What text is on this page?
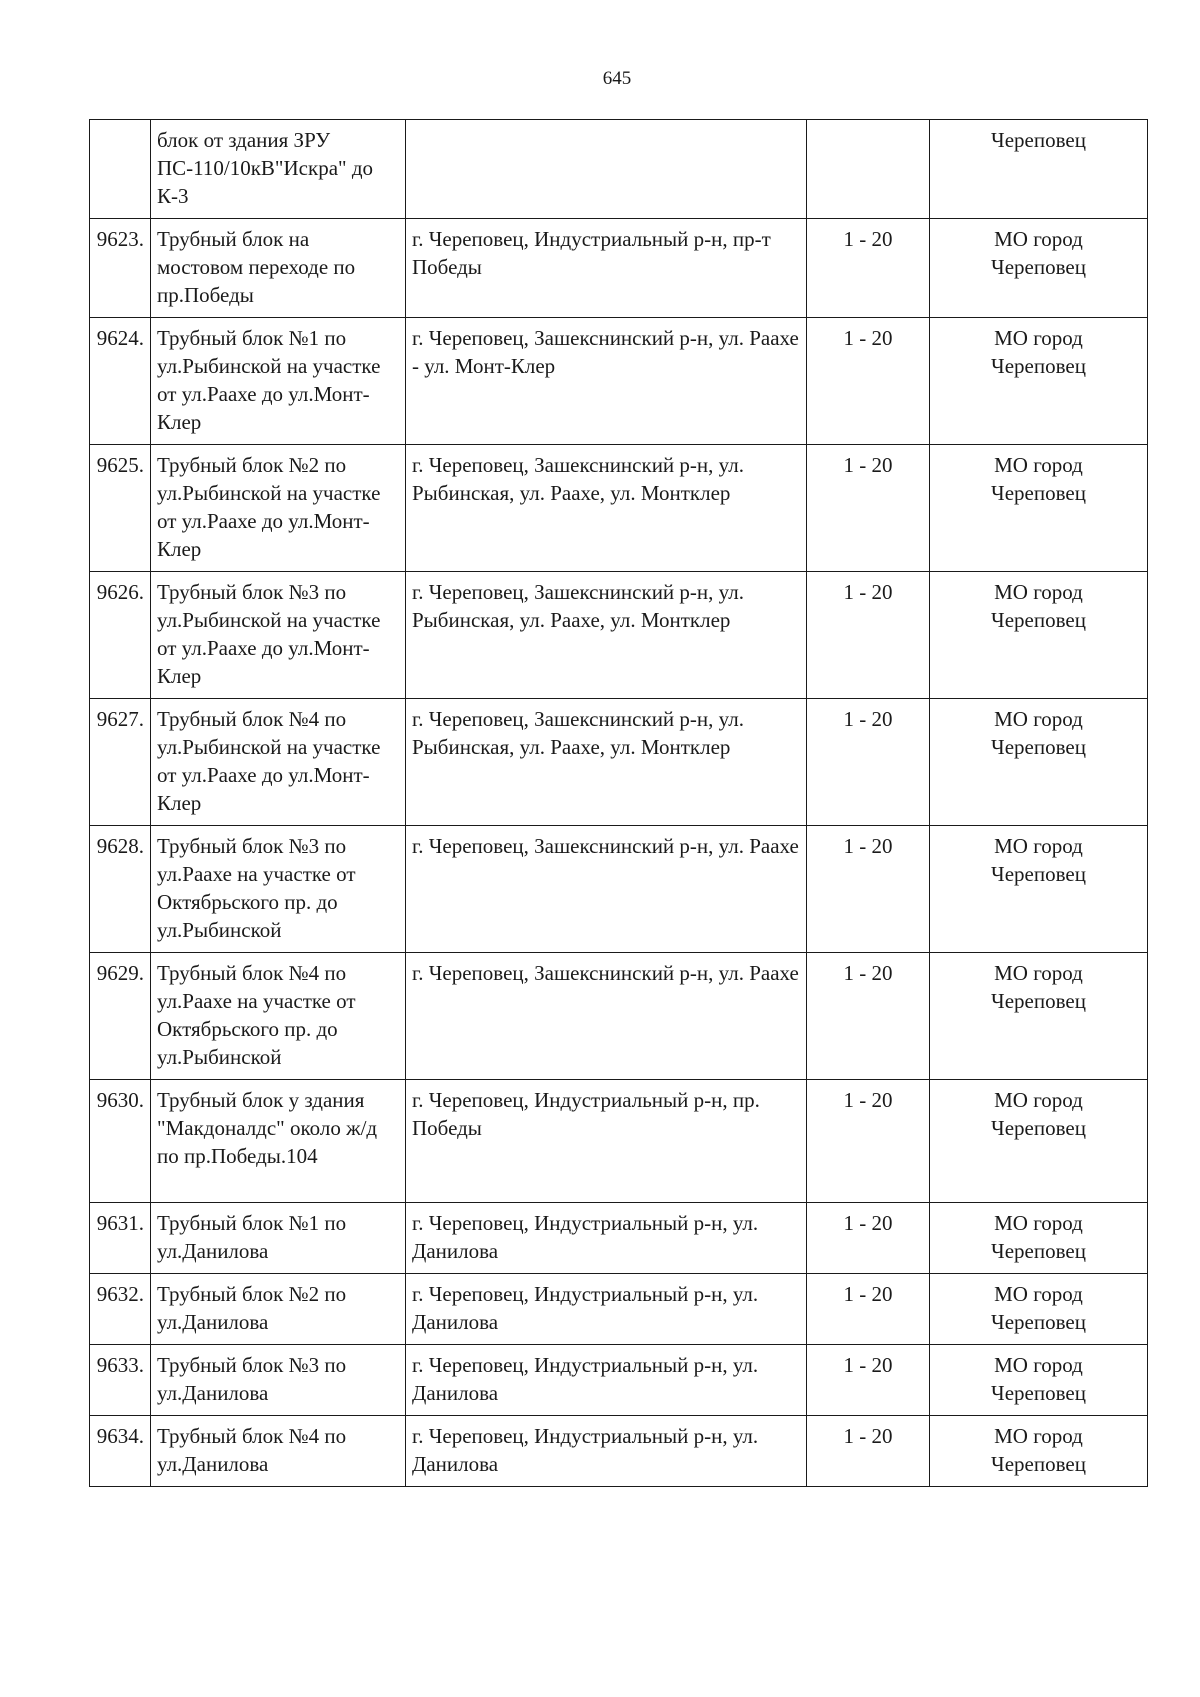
645
	блок от здания ЗРУ ПС-110/10кВ"Искра" до К-3			Череповец

9623.	Трубный блок на мостовом переходе по пр.Победы	г. Череповец, Индустриальный р-н, пр-т Победы	1 - 20	МО город
Череповец

9624.	Трубный блок №1 по ул.Рыбинской на участке от ул.Раахе до ул.Монт-Клер	г. Череповец, Зашекснинский р-н, ул. Раахе - ул. Монт-Клер	1 - 20	МО город
Череповец

9625.	Трубный блок №2 по ул.Рыбинской на участке от ул.Раахе до ул.Монт-Клер	г. Череповец, Зашекснинский р-н, ул. Рыбинская, ул. Раахе, ул. Монтклер	1 - 20	МО город
Череповец

9626.	Трубный блок №3 по ул.Рыбинской на участке от ул.Раахе до ул.Монт-Клер	г. Череповец, Зашекснинский р-н, ул. Рыбинская, ул. Раахе, ул. Монтклер	1 - 20	МО город
Череповец

9627.	Трубный блок №4 по ул.Рыбинской на участке от ул.Раахе до ул.Монт-Клер	г. Череповец, Зашекснинский р-н, ул. Рыбинская, ул. Раахе, ул. Монтклер	1 - 20	МО город
Череповец

9628.	Трубный блок №3 по ул.Раахе на участке от Октябрьского пр. до ул.Рыбинской	г. Череповец, Зашекснинский р-н, ул. Раахе	1 - 20	МО город
Череповец

9629.	Трубный блок №4 по ул.Раахе на участке от Октябрьского пр. до ул.Рыбинской	г. Череповец, Зашекснинский р-н, ул. Раахе	1 - 20	МО город
Череповец

9630.	Трубный блок у здания "Макдоналдс" около ж/д по пр.Победы.104	г. Череповец, Индустриальный р-н, пр. Победы	1 - 20	МО город
Череповец

9631.	Трубный блок №1 по ул.Данилова	г. Череповец, Индустриальный р-н, ул. Данилова	1 - 20	МО город
Череповец

9632.	Трубный блок №2 по ул.Данилова	г. Череповец, Индустриальный р-н, ул. Данилова	1 - 20	МО город
Череповец

9633.	Трубный блок №3 по ул.Данилова	г. Череповец, Индустриальный р-н, ул. Данилова	1 - 20	МО город
Череповец

9634.	Трубный блок №4 по ул.Данилова	г. Череповец, Индустриальный р-н, ул. Данилова	1 - 20	МО город
Череповец
